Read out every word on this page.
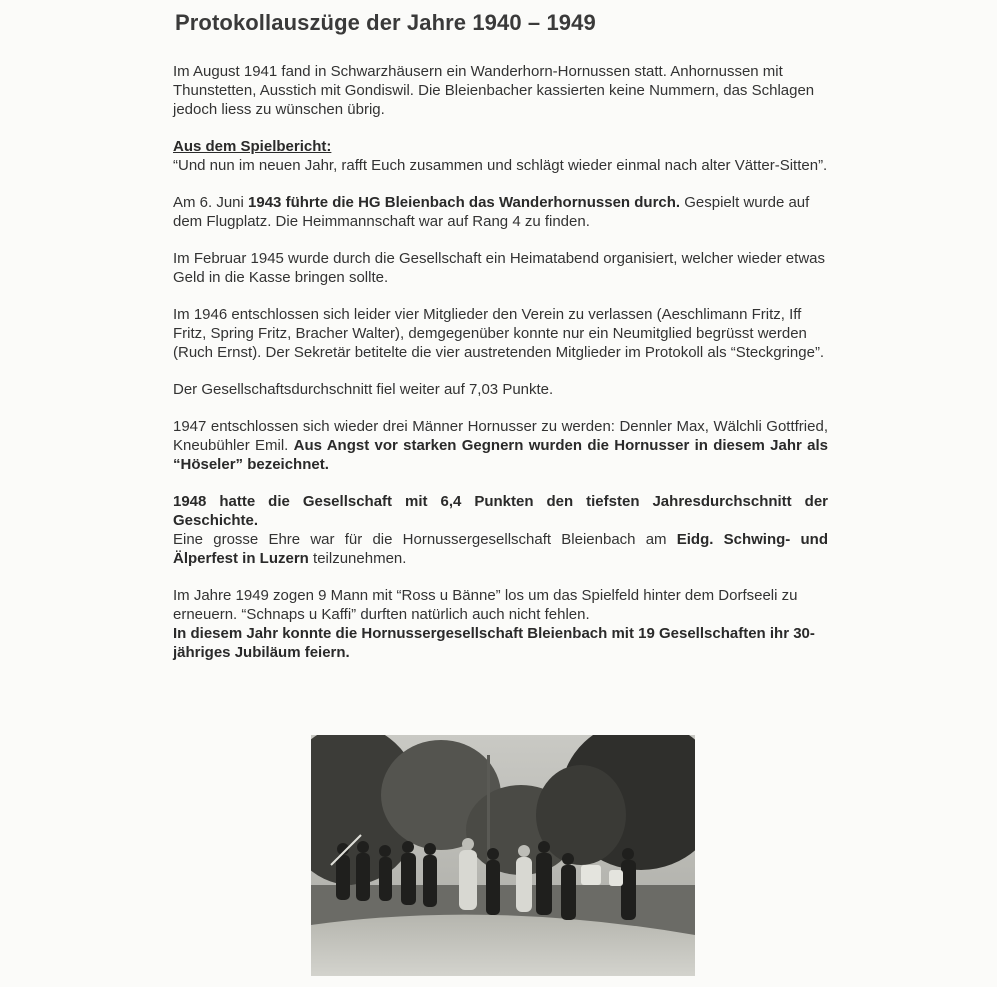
Protokollauszüge der Jahre 1940 – 1949

Im August 1941 fand in Schwarzhäusern ein Wanderhorn-Hornussen statt. Anhornussen mit Thunstetten, Ausstich mit Gondiswil. Die Bleienbacher kassierten keine Nummern, das Schlagen jedoch liess zu wünschen übrig.

Aus dem Spielbericht:
“Und nun im neuen Jahr, rafft Euch zusammen und schlägt wieder einmal nach alter Vätter-Sitten”.

Am 6. Juni 1943 führte die HG Bleienbach das Wanderhornussen durch. Gespielt wurde auf dem Flugplatz. Die Heimmannschaft war auf Rang 4 zu finden.

Im Februar 1945 wurde durch die Gesellschaft ein Heimatabend organisiert, welcher wieder etwas Geld in die Kasse bringen sollte.

Im 1946 entschlossen sich leider vier Mitglieder den Verein zu verlassen (Aeschlimann Fritz, Iff Fritz, Spring Fritz, Bracher Walter), demgegenüber konnte nur ein Neumitglied begrüsst werden (Ruch Ernst). Der Sekretär betitelte die vier austretenden Mitglieder im Protokoll als “Steckgringe”.

Der Gesellschaftsdurchschnitt fiel weiter auf 7,03 Punkte.

1947 entschlossen sich wieder drei Männer Hornusser zu werden: Dennler Max, Wälchli Gottfried, Kneubühler Emil. Aus Angst vor starken Gegnern wurden die Hornusser in diesem Jahr als “Höseler” bezeichnet.

1948 hatte die Gesellschaft mit 6,4 Punkten den tiefsten Jahresdurchschnitt der Geschichte.
Eine grosse Ehre war für die Hornussergesellschaft Bleienbach am Eidg. Schwing- und Älperfest in Luzern teilzunehmen.

Im Jahre 1949 zogen 9 Mann mit “Ross u Bänne” los um das Spielfeld hinter dem Dorfseeli zu erneuern. “Schnaps u Kaffi” durften natürlich auch nicht fehlen.
In diesem Jahr konnte die Hornussergesellschaft Bleienbach mit 19 Gesellschaften ihr 30-jähriges Jubiläum feiern.
